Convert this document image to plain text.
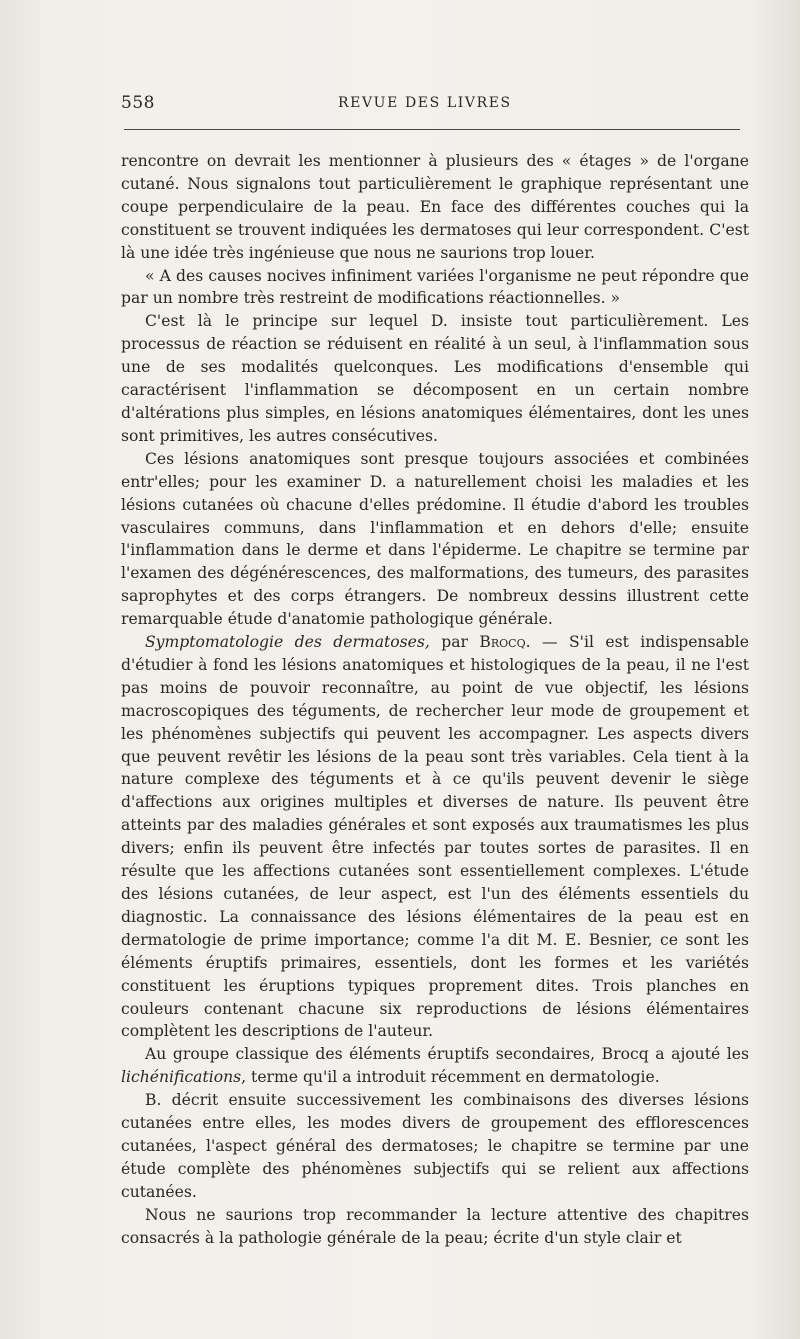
558	REVUE DES LIVRES

rencontre on devrait les mentionner à plusieurs des « étages » de l'organe cutané. Nous signalons tout particulièrement le graphique représentant une coupe perpendiculaire de la peau. En face des différentes couches qui la constituent se trouvent indiquées les dermatoses qui leur correspondent. C'est là une idée très ingénieuse que nous ne saurions trop louer.

« A des causes nocives infiniment variées l'organisme ne peut répondre que par un nombre très restreint de modifications réactionnelles. »

C'est là le principe sur lequel D. insiste tout particulièrement. Les processus de réaction se réduisent en réalité à un seul, à l'inflammation sous une de ses modalités quelconques. Les modifications d'ensemble qui caractérisent l'inflammation se décomposent en un certain nombre d'altérations plus simples, en lésions anatomiques élémentaires, dont les unes sont primitives, les autres consécutives.

Ces lésions anatomiques sont presque toujours associées et combinées entr'elles; pour les examiner D. a naturellement choisi les maladies et les lésions cutanées où chacune d'elles prédomine. Il étudie d'abord les troubles vasculaires communs, dans l'inflammation et en dehors d'elle; ensuite l'inflammation dans le derme et dans l'épiderme. Le chapitre se termine par l'examen des dégénérescences, des malformations, des tumeurs, des parasites saprophytes et des corps étrangers. De nombreux dessins illustrent cette remarquable étude d'anatomie pathologique générale.

Symptomatologie des dermatoses, par Brocq. — S'il est indispensable d'étudier à fond les lésions anatomiques et histologiques de la peau, il ne l'est pas moins de pouvoir reconnaître, au point de vue objectif, les lésions macroscopiques des téguments, de rechercher leur mode de groupement et les phénomènes subjectifs qui peuvent les accompagner. Les aspects divers que peuvent revêtir les lésions de la peau sont très variables. Cela tient à la nature complexe des téguments et à ce qu'ils peuvent devenir le siège d'affections aux origines multiples et diverses de nature. Ils peuvent être atteints par des maladies générales et sont exposés aux traumatismes les plus divers; enfin ils peuvent être infectés par toutes sortes de parasites. Il en résulte que les affections cutanées sont essentiellement complexes. L'étude des lésions cutanées, de leur aspect, est l'un des éléments essentiels du diagnostic. La connaissance des lésions élémentaires de la peau est en dermatologie de prime importance; comme l'a dit M. E. Besnier, ce sont les éléments éruptifs primaires, essentiels, dont les formes et les variétés constituent les éruptions typiques proprement dites. Trois planches en couleurs contenant chacune six reproductions de lésions élémentaires complètent les descriptions de l'auteur.

Au groupe classique des éléments éruptifs secondaires, Brocq a ajouté les lichénifications, terme qu'il a introduit récemment en dermatologie.

B. décrit ensuite successivement les combinaisons des diverses lésions cutanées entre elles, les modes divers de groupement des efflorescences cutanées, l'aspect général des dermatoses; le chapitre se termine par une étude complète des phénomènes subjectifs qui se relient aux affections cutanées.

Nous ne saurions trop recommander la lecture attentive des chapitres consacrés à la pathologie générale de la peau; écrite d'un style clair et
